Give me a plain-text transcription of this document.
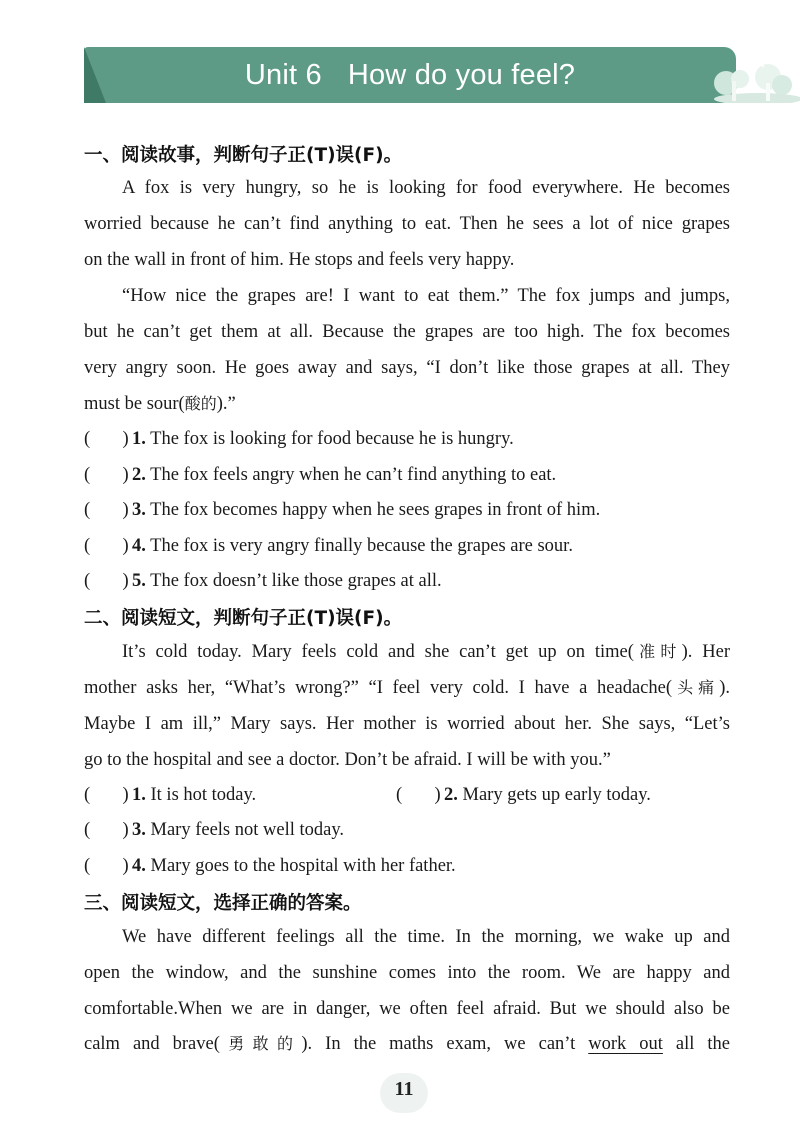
Unit 6 How do you feel?
一、阅读故事，判断句子正(T)误(F)。
A fox is very hungry, so he is looking for food everywhere. He becomes
worried because he can’t find anything to eat. Then he sees a lot of nice grapes
on the wall in front of him. He stops and feels very happy.
“How nice the grapes are! I want to eat them.” The fox jumps and jumps,
but he can’t get them at all. Because the grapes are too high. The fox becomes
very angry soon. He goes away and says, “I don’t like those grapes at all. They
must be sour(酸的).”
(       ) 1. The fox is looking for food because he is hungry.
(       ) 2. The fox feels angry when he can’t find anything to eat.
(       ) 3. The fox becomes happy when he sees grapes in front of him.
(       ) 4. The fox is very angry finally because the grapes are sour.
(       ) 5. The fox doesn’t like those grapes at all.
二、阅读短文，判断句子正(T)误(F)。
It’s cold today. Mary feels cold and she can’t get up on time(准时). Her
mother asks her, “What’s wrong?” “I feel very cold. I have a headache(头痛).
Maybe I am ill,” Mary says. Her mother is worried about her. She says, “Let’s
go to the hospital and see a doctor. Don’t be afraid. I will be with you.”
(       ) 1. It is hot today.	(       ) 2. Mary gets up early today.
(       ) 3. Mary feels not well today.
(       ) 4. Mary goes to the hospital with her father.
三、阅读短文，选择正确的答案。
We have different feelings all the time. In the morning, we wake up and
open the window, and the sunshine comes into the room. We are happy and
comfortable.When we are in danger, we often feel afraid. But we should also be
calm and brave(勇敢的). In the maths exam, we can’t work out all the
11
